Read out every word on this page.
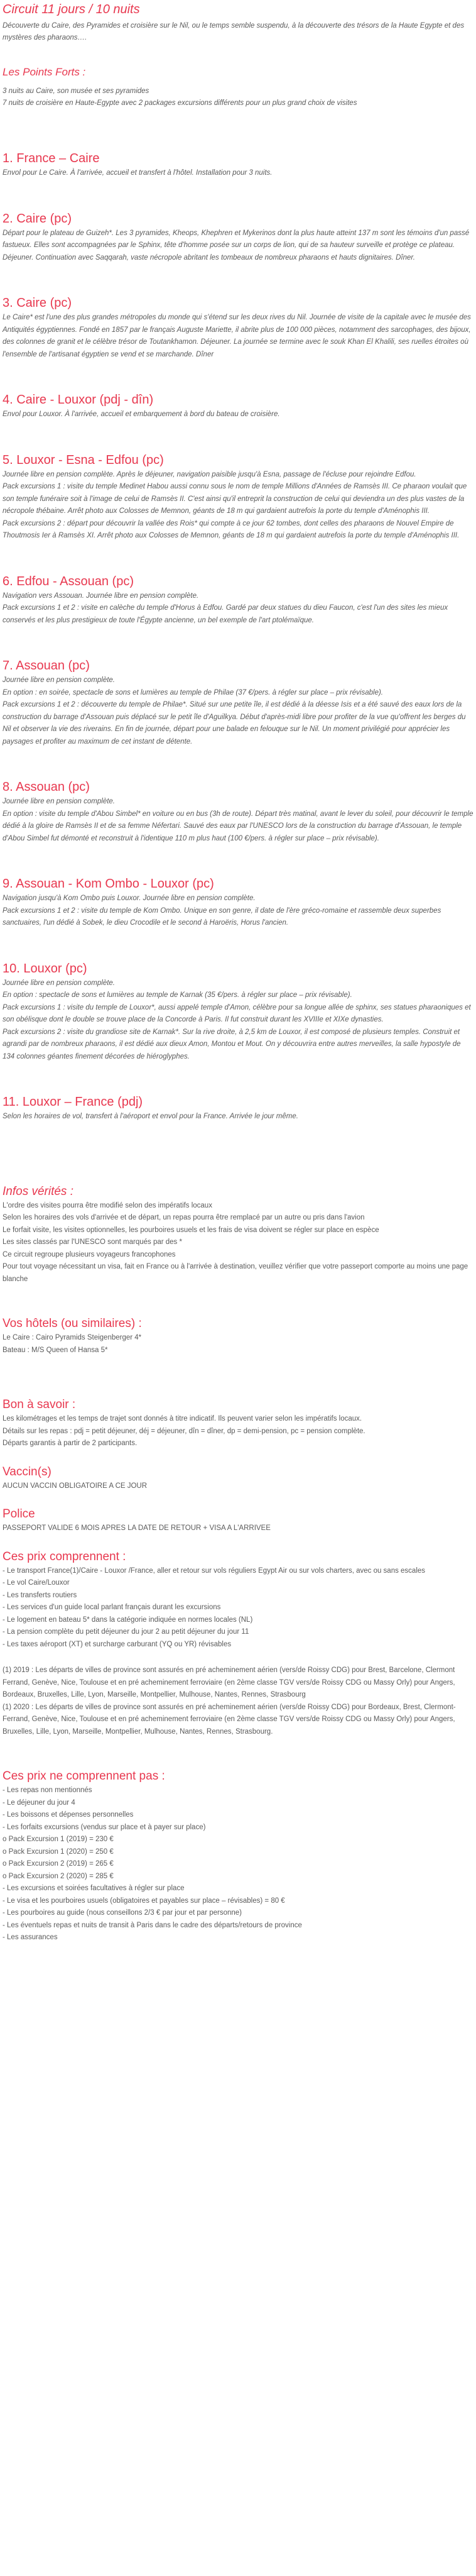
Circuit 11 jours / 10 nuits

Découverte du Caire, des Pyramides et croisière sur le Nil, ou le temps semble suspendu, à la découverte des trésors de la Haute Egypte et des mystères des pharaons….

Les Points Forts :

3 nuits au Caire, son musée et ses pyramides

7 nuits de croisière en Haute-Egypte avec 2 packages excursions différents pour un plus grand choix de visites

1. France – Caire

Envol pour Le Caire. À l'arrivée, accueil et transfert à l'hôtel. Installation pour 3 nuits.

2. Caire (pc)

Départ pour le plateau de Guizeh*. Les 3 pyramides, Kheops, Khephren et Mykerinos dont la plus haute atteint 137 m sont les témoins d'un passé fastueux. Elles sont accompagnées par le Sphinx, tête d'homme posée sur un corps de lion, qui de sa hauteur surveille et protège ce plateau. Déjeuner. Continuation avec Saqqarah, vaste nécropole abritant les tombeaux de nombreux pharaons et hauts dignitaires. Dîner.

3. Caire (pc)

Le Caire* est l'une des plus grandes métropoles du monde qui s'étend sur les deux rives du Nil. Journée de visite de la capitale avec le musée des Antiquités égyptiennes. Fondé en 1857 par le français Auguste Mariette, il abrite plus de 100 000 pièces, notamment des sarcophages, des bijoux, des colonnes de granit et le célèbre trésor de Toutankhamon. Déjeuner. La journée se termine avec le souk Khan El Khalili, ses ruelles étroites où l'ensemble de l'artisanat égyptien se vend et se marchande. Dîner

4. Caire - Louxor (pdj - dîn)

Envol pour Louxor. À l'arrivée, accueil et embarquement à bord du bateau de croisière.

5. Louxor - Esna - Edfou (pc)

Journée libre en pension complète. Après le déjeuner, navigation paisible jusqu'à Esna, passage de l'écluse pour rejoindre Edfou.

Pack excursions 1 : visite du temple Medinet Habou aussi connu sous le nom de temple Millions d'Années de Ramsès III. Ce pharaon voulait que son temple funéraire soit à l'image de celui de Ramsès II. C'est ainsi qu'il entreprit la construction de celui qui deviendra un des plus vastes de la nécropole thébaine. Arrêt photo aux Colosses de Memnon, géants de 18 m qui gardaient autrefois la porte du temple d'Aménophis III.

Pack excursions 2 : départ pour découvrir la vallée des Rois* qui compte à ce jour 62 tombes, dont celles des pharaons de Nouvel Empire de Thoutmosis Ier à Ramsès XI. Arrêt photo aux Colosses de Memnon, géants de 18 m qui gardaient autrefois la porte du temple d'Aménophis III.

6. Edfou - Assouan (pc)

Navigation vers Assouan. Journée libre en pension complète.

Pack excursions 1 et 2 : visite en calèche du temple d'Horus à Edfou. Gardé par deux statues du dieu Faucon, c'est l'un des sites les mieux conservés et les plus prestigieux de toute l'Égypte ancienne, un bel exemple de l'art ptolémaïque.

7. Assouan (pc)

Journée libre en pension complète.

En option : en soirée, spectacle de sons et lumières au temple de Philae (37 €/pers. à régler sur place – prix révisable).

Pack excursions 1 et 2 : découverte du temple de Philae*. Situé sur une petite île, il est dédié à la déesse Isis et a été sauvé des eaux lors de la construction du barrage d'Assouan puis déplacé sur le petit île d'Aguilkya. Début d'après-midi libre pour profiter de la vue qu'offrent les berges du Nil et observer la vie des riverains. En fin de journée, départ pour une balade en felouque sur le Nil. Un moment privilégié pour apprécier les paysages et profiter au maximum de cet instant de détente.

8. Assouan (pc)

Journée libre en pension complète.

En option : visite du temple d'Abou Simbel* en voiture ou en bus (3h de route). Départ très matinal, avant le lever du soleil, pour découvrir le temple dédié à la gloire de Ramsès II et de sa femme Néfertari. Sauvé des eaux par l'UNESCO lors de la construction du barrage d'Assouan, le temple d'Abou Simbel fut démonté et reconstruit à l'identique 110 m plus haut (100 €/pers. à régler sur place – prix révisable).

9. Assouan - Kom Ombo - Louxor (pc)

Navigation jusqu'à Kom Ombo puis Louxor. Journée libre en pension complète.

Pack excursions 1 et 2 : visite du temple de Kom Ombo. Unique en son genre, il date de l'ère gréco-romaine et rassemble deux superbes sanctuaires, l'un dédié à Sobek, le dieu Crocodile et le second à Haroëris, Horus l'ancien.

10. Louxor (pc)

Journée libre en pension complète.

En option : spectacle de sons et lumières au temple de Karnak (35 €/pers. à régler sur place – prix révisable).

Pack excursions 1 : visite du temple de Louxor*, aussi appelé temple d'Amon, célèbre pour sa longue allée de sphinx, ses statues pharaoniques et son obélisque dont le double se trouve place de la Concorde à Paris. Il fut construit durant les XVIIIe et XIXe dynasties.

Pack excursions 2 : visite du grandiose site de Karnak*. Sur la rive droite, à 2,5 km de Louxor, il est composé de plusieurs temples. Construit et agrandi par de nombreux pharaons, il est dédié aux dieux Amon, Montou et Mout. On y découvrira entre autres merveilles, la salle hypostyle de 134 colonnes géantes finement décorées de hiéroglyphes.

11. Louxor – France (pdj)

Selon les horaires de vol, transfert à l'aéroport et envol pour la France. Arrivée le jour même.

Infos vérités :

L'ordre des visites pourra être modifié selon des impératifs locaux

Selon les horaires des vols d'arrivée et de départ, un repas pourra être remplacé par un autre ou pris dans l'avion

Le forfait visite, les visites optionnelles, les pourboires usuels et les frais de visa doivent se régler sur place en espèce

Les sites classés par l'UNESCO sont marqués par des *

Ce circuit regroupe plusieurs voyageurs francophones

Pour tout voyage nécessitant un visa, fait en France ou à l'arrivée à destination, veuillez vérifier que votre passeport comporte au moins une page blanche

Vos hôtels (ou similaires) :

Le Caire : Cairo Pyramids Steigenberger 4*

Bateau : M/S Queen of Hansa 5*

Bon à savoir :

Les kilométrages et les temps de trajet sont donnés à titre indicatif. Ils peuvent varier selon les impératifs locaux.

Détails sur les repas : pdj = petit déjeuner, déj = déjeuner, dîn = dîner, dp = demi-pension, pc = pension complète.

Départs garantis à partir de 2 participants.

Vaccin(s)

AUCUN VACCIN OBLIGATOIRE A CE JOUR

Police

PASSEPORT VALIDE 6 MOIS APRES LA DATE DE RETOUR + VISA A L'ARRIVEE

Ces prix comprennent :

- Le transport France(1)/Caire - Louxor /France, aller et retour sur vols réguliers Egypt Air ou sur vols charters, avec ou sans escales

- Le vol Caire/Louxor

- Les transferts routiers

- Les services d'un guide local parlant français durant les excursions

- Le logement en bateau 5* dans la catégorie indiquée en normes locales (NL)

- La pension complète du petit déjeuner du jour 2 au petit déjeuner du jour 11

- Les taxes aéroport (XT) et surcharge carburant (YQ ou YR) révisables

(1) 2019 : Les départs de villes de province sont assurés en pré acheminement aérien (vers/de Roissy CDG) pour Brest, Barcelone, Clermont Ferrand, Genève, Nice, Toulouse et en pré acheminement ferroviaire (en 2ème classe TGV vers/de Roissy CDG ou Massy Orly) pour Angers, Bordeaux, Bruxelles, Lille, Lyon, Marseille, Montpellier, Mulhouse, Nantes, Rennes, Strasbourg

(1) 2020 : Les départs de villes de province sont assurés en pré acheminement aérien (vers/de Roissy CDG) pour Bordeaux, Brest, Clermont-Ferrand, Genève, Nice, Toulouse et en pré acheminement ferroviaire (en 2ème classe TGV vers/de Roissy CDG ou Massy Orly) pour Angers, Bruxelles, Lille, Lyon, Marseille, Montpellier, Mulhouse, Nantes, Rennes, Strasbourg.

Ces prix ne comprennent pas :

- Les repas non mentionnés

- Le déjeuner du jour 4

- Les boissons et dépenses personnelles

- Les forfaits excursions (vendus sur place et à payer sur place)

o Pack Excursion 1 (2019) = 230 €

o Pack Excursion 1 (2020) = 250 €

o Pack Excursion 2 (2019) = 265 €

o Pack Excursion 2 (2020) = 285 €

- Les excursions et soirées facultatives à régler sur place

- Le visa et les pourboires usuels (obligatoires et payables sur place – révisables) = 80 €

- Les pourboires au guide (nous conseillons 2/3 € par jour et par personne)

- Les éventuels repas et nuits de transit à Paris dans le cadre des départs/retours de province

- Les assurances
